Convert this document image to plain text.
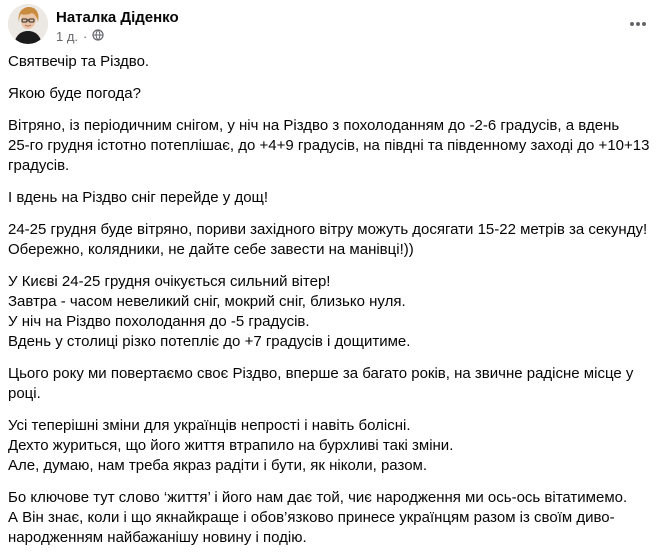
Наталка Діденко
1 д. ·

Святвечір та Різдво.

Якою буде погода?

Вітряно, із періодичним снігом, у ніч на Різдво з похолоданням до -2-6 градусів, а вдень
25-го грудня істотно потеплішає, до +4+9 градусів, на півдні та південному заході до +10+13
градусів.

І вдень на Різдво сніг перейде у дощ!

24-25 грудня буде вітряно, пориви західного вітру можуть досягати 15-22 метрів за секунду!
Обережно, колядники, не дайте себе завести на манівці!))

У Києві 24-25 грудня очікується сильний вітер!
Завтра - часом невеликий сніг, мокрий сніг, близько нуля.
У ніч на Різдво похолодання до -5 градусів.
Вдень у столиці різко потепліє до +7 градусів і дощитиме.

Цього року ми повертаємо своє Різдво, вперше за багато років, на звичне радісне місце у
році.

Усі теперішні зміни для українців непрості і навіть болісні.
Дехто журиться, що його життя втрапило на бурхливі такі зміни.
Але, думаю, нам треба якраз радіти і бути, як ніколи, разом.

Бо ключове тут слово ‘життя’ і його нам дає той, чиє народження ми ось-ось вітатимемо.
А Він знає, коли і що якнайкраще і обов’язково принесе українцям разом із своїм диво-
народженням найбажанішу новину і подію.
